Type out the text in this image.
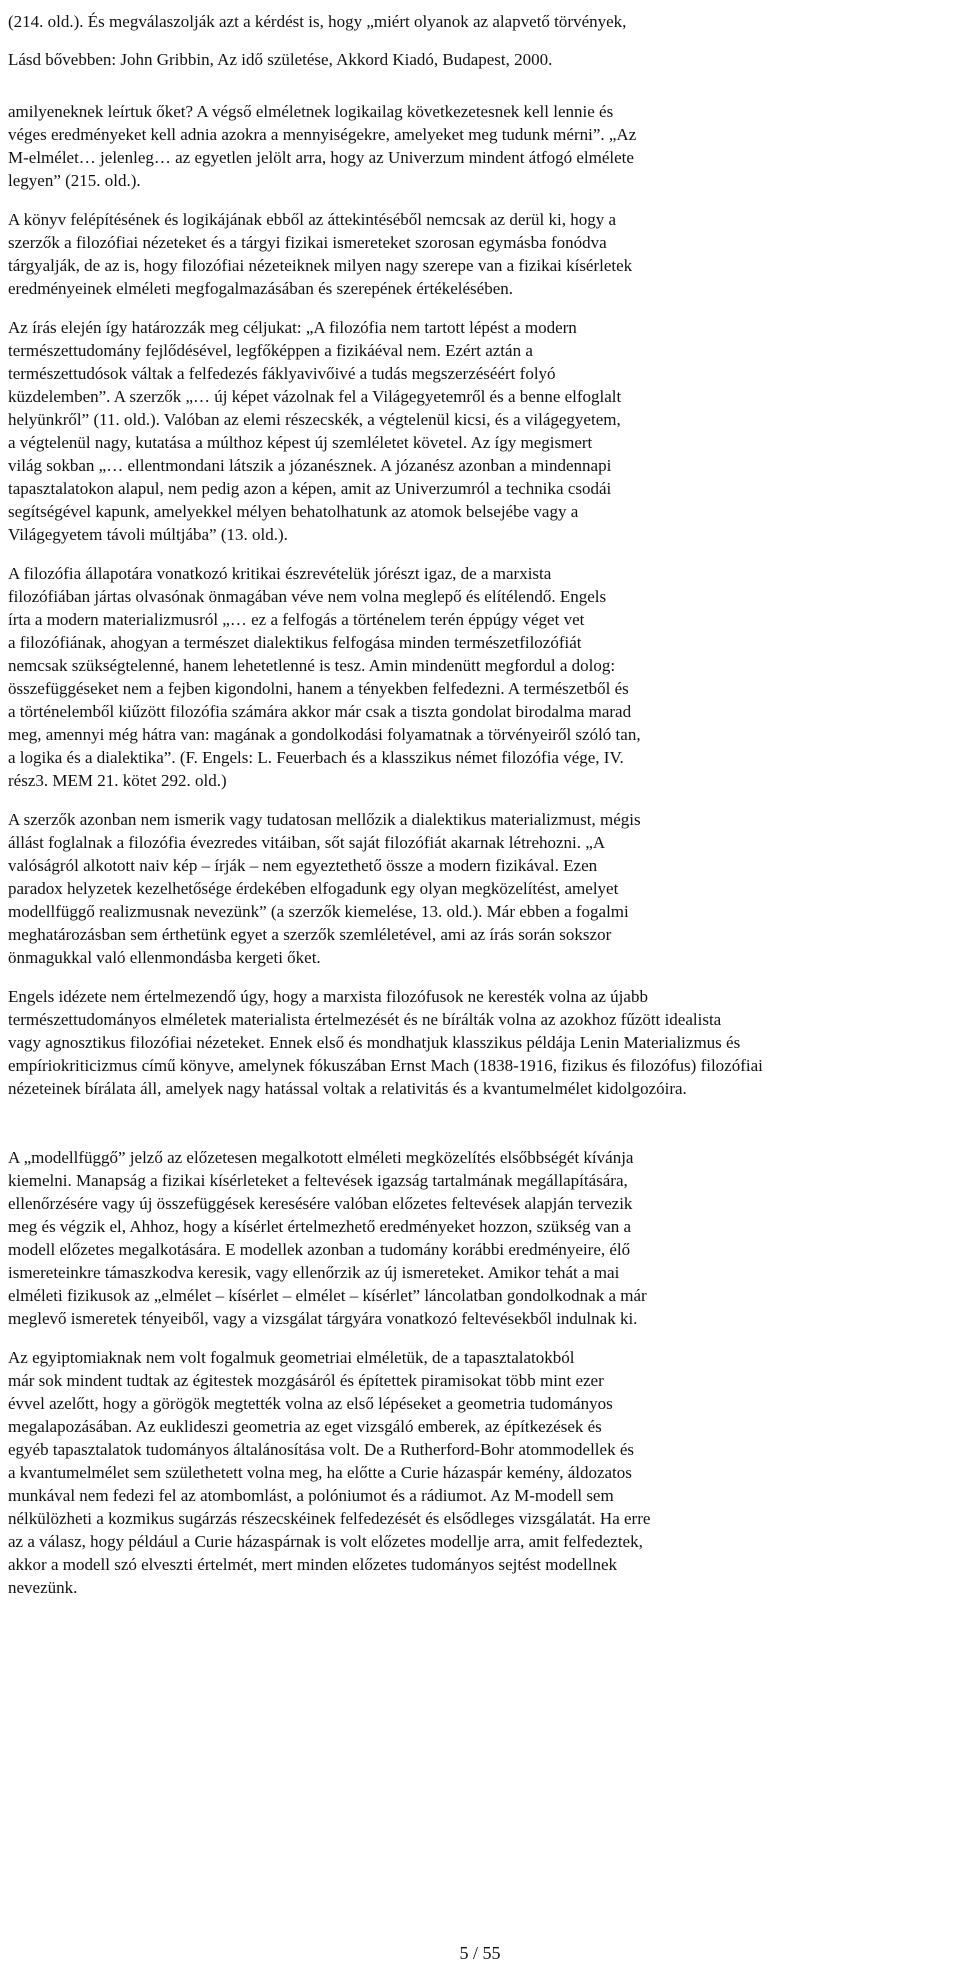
(214. old.). És megválaszolják azt a kérdést is, hogy „miért olyanok az alapvető törvények,
Lásd bővebben: John Gribbin, Az idő születése, Akkord Kiadó, Budapest, 2000.
amilyeneknek leírtuk őket? A végső elméletnek logikailag következetesnek kell lennie és
véges eredményeket kell adnia azokra a mennyiségekre, amelyeket meg tudunk mérni”. „Az
M-elmélet… jelenleg… az egyetlen jelölt arra, hogy az Univerzum mindent átfogó elmélete
legyen” (215. old.).
A könyv felépítésének és logikájának ebből az áttekintéséből nemcsak az derül ki, hogy a
szerzők a filozófiai nézeteket és a tárgyi fizikai ismereteket szorosan egymásba fonódva
tárgyalják, de az is, hogy filozófiai nézeteiknek milyen nagy szerepe van a fizikai kísérletek
eredményeinek elméleti megfogalmazásában és szerepének értékelésében.
Az írás elején így határozzák meg céljukat: „A filozófia nem tartott lépést a modern
természettudomány fejlődésével, legfőképpen a fizikáéval nem. Ezért aztán a
természettudósok váltak a felfedezés fáklyavivőivé a tudás megszerzéséért folyó
küzdelemben”. A szerzők „… új képet vázolnak fel a Világegyetemről és a benne elfoglalt
helyünkről” (11. old.). Valóban az elemi részecskék, a végtelenül kicsi, és a világegyetem,
a végtelenül nagy, kutatása a múlthoz képest új szemléletet követel. Az így megismert
világ sokban „… ellentmondani látszik a józanésznek. A józanész azonban a mindennapi
tapasztalatokon alapul, nem pedig azon a képen, amit az Univerzumról a technika csodái
segítségével kapunk, amelyekkel mélyen behatolhatunk az atomok belsejébe vagy a
Világegyetem távoli múltjába” (13. old.).
A filozófia állapotára vonatkozó kritikai észrevételük jórészt igaz, de a marxista
filozófiában jártas olvasónak önmagában véve nem volna meglepő és elítélendő. Engels
írta a modern materializmusról „… ez a felfogás a történelem terén éppúgy véget vet
a filozófiának, ahogyan a természet dialektikus felfogása minden természetfilozófiát
nemcsak szükségtelenné, hanem lehetetlenné is tesz. Amin mindenütt megfordul a dolog:
összefüggéseket nem a fejben kigondolni, hanem a tényekben felfedezni. A természetből és
a történelemből kiűzött filozófia számára akkor már csak a tiszta gondolat birodalma marad
meg, amennyi még hátra van: magának a gondolkodási folyamatnak a törvényeiről szóló tan,
a logika és a dialektika”. (F. Engels: L. Feuerbach és a klasszikus német filozófia vége, IV.
rész3. MEM 21. kötet 292. old.)
A szerzők azonban nem ismerik vagy tudatosan mellőzik a dialektikus materializmust, mégis
állást foglalnak a filozófia évezredes vitáiban, sőt saját filozófiát akarnak létrehozni. „A
valóságról alkotott naiv kép – írják – nem egyeztethető össze a modern fizikával. Ezen
paradox helyzetek kezelhetősége érdekében elfogadunk egy olyan megközelítést, amelyet
modellfüggő realizmusnak nevezünk” (a szerzők kiemelése, 13. old.). Már ebben a fogalmi
meghatározásban sem érthetünk egyet a szerzők szemléletével, ami az írás során sokszor
önmagukkal való ellenmondásba kergeti őket.
Engels idézete nem értelmezendő úgy, hogy a marxista filozófusok ne keresték volna az újabb
természettudományos elméletek materialista értelmezését és ne bírálták volna az azokhoz fűzött idealista
vagy agnosztikus filozófiai nézeteket. Ennek első és mondhatjuk klasszikus példája Lenin Materializmus és
empíriokriticizmus című könyve, amelynek fókuszában Ernst Mach (1838-1916, fizikus és filozófus) filozófiai
nézeteinek bírálata áll, amelyek nagy hatással voltak a relativitás és a kvantumelmélet kidolgozóira.
A „modellfüggő” jelző az előzetesen megalkotott elméleti megközelítés elsőbbségét kívánja
kiemelni. Manapság a fizikai kísérleteket a feltevések igazság tartalmának megállapítására,
ellenőrzésére vagy új összefüggések keresésére valóban előzetes feltevések alapján tervezik
meg és végzik el, Ahhoz, hogy a kísérlet értelmezhető eredményeket hozzon, szükség van a
modell előzetes megalkotására. E modellek azonban a tudomány korábbi eredményeire, élő
ismereteinkre támaszkodva keresik, vagy ellenőrzik az új ismereteket. Amikor tehát a mai
elméleti fizikusok az „elmélet – kísérlet – elmélet – kísérlet” láncolatban gondolkodnak a már
meglevő ismeretek tényeiből, vagy a vizsgálat tárgyára vonatkozó feltevésekből indulnak ki.
Az egyiptomiaknak nem volt fogalmuk geometriai elméletük, de a tapasztalatokból
már sok mindent tudtak az égitestek mozgásáról és építettek piramisokat több mint ezer
évvel azelőtt, hogy a görögök megtették volna az első lépéseket a geometria tudományos
megalapozásában. Az euklideszi geometria az eget vizsgáló emberek, az építkezések és
egyéb tapasztalatok tudományos általánosítása volt. De a Rutherford-Bohr atommodellek és
a kvantumelmélet sem születhetett volna meg, ha előtte a Curie házaspár kemény, áldozatos
munkával nem fedezi fel az atombomlást, a polóniumot és a rádiumot. Az M-modell sem
nélkülözheti a kozmikus sugárzás részecskéinek felfedezését és elsődleges vizsgálatát. Ha erre
az a válasz, hogy például a Curie házaspárnak is volt előzetes modellje arra, amit felfedeztek,
akkor a modell szó elveszti értelmét, mert minden előzetes tudományos sejtést modellnek
nevezünk.
5 / 55
